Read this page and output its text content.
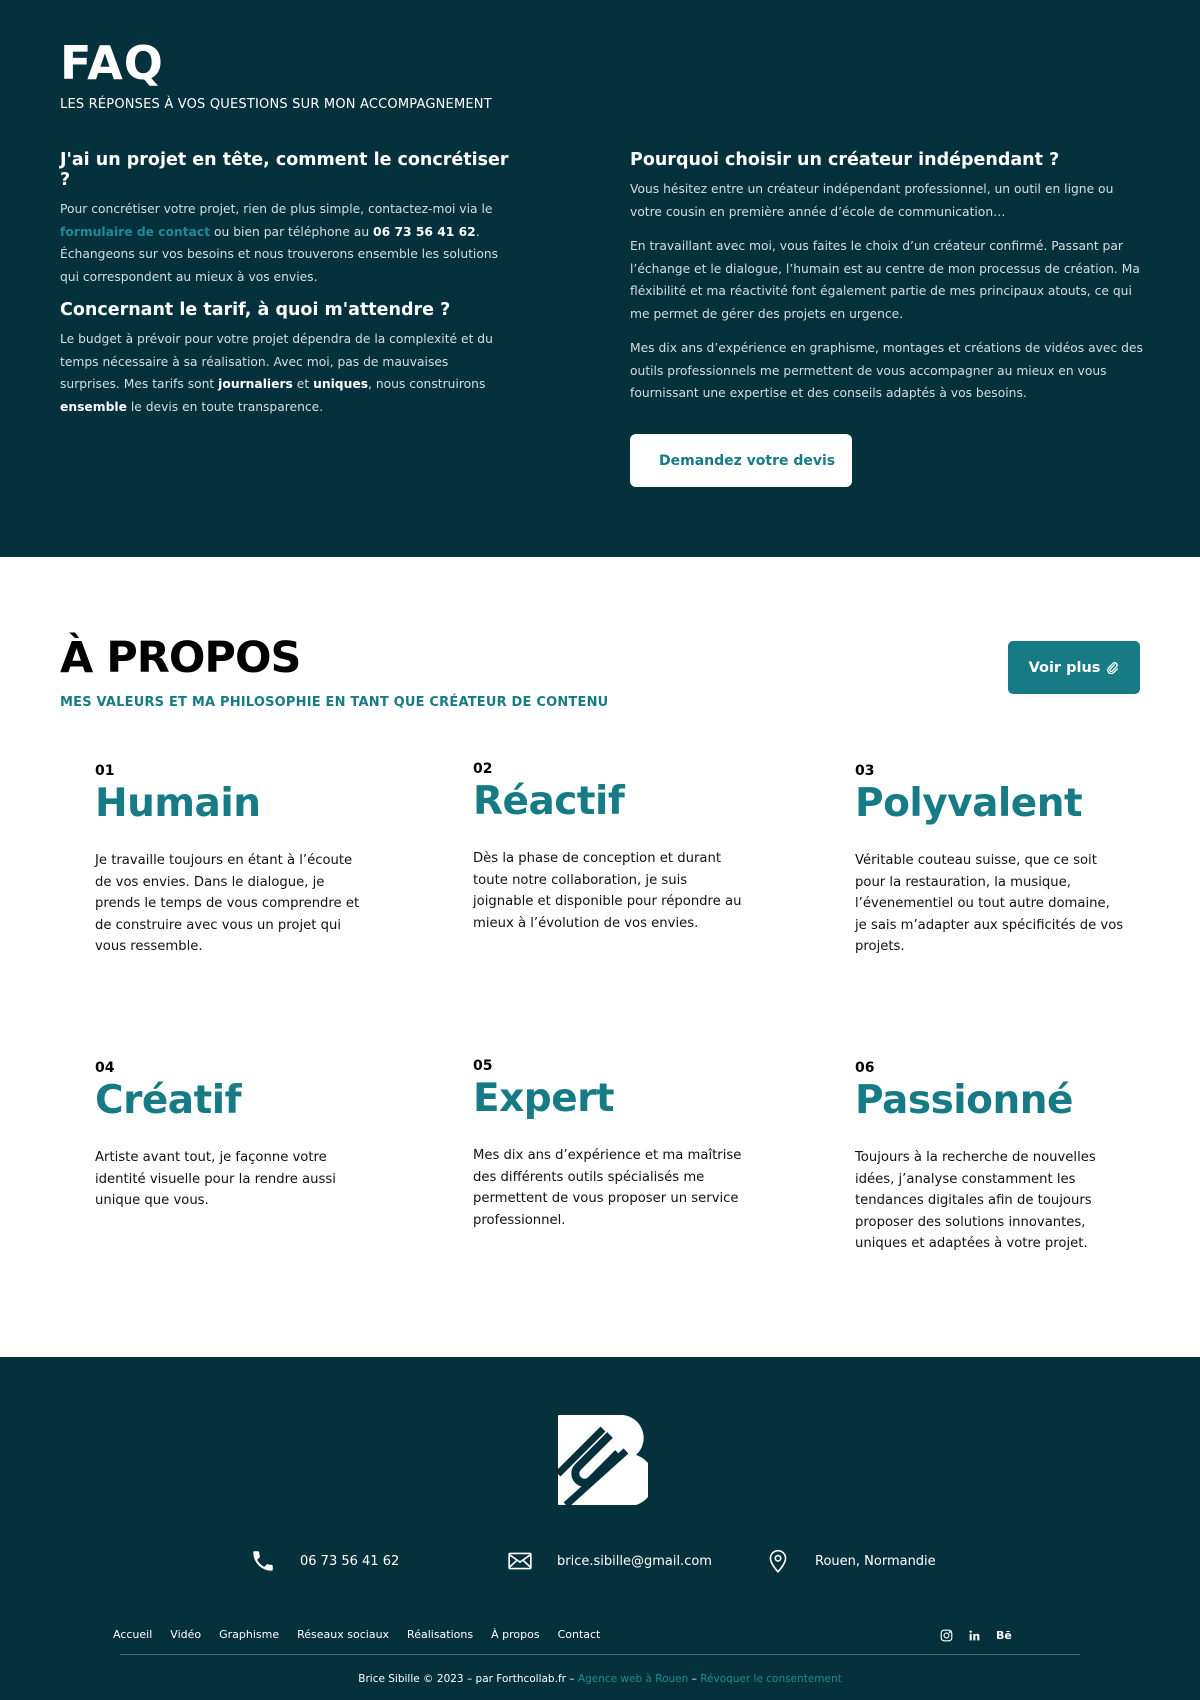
FAQ
LES RÉPONSES À VOS QUESTIONS SUR MON ACCOMPAGNEMENT
J'ai un projet en tête, comment le concrétiser ?

Pour concrétiser votre projet, rien de plus simple, contactez-moi via le formulaire de contact ou bien par téléphone au 06 73 56 41 62. Échangeons sur vos besoins et nous trouverons ensemble les solutions qui correspondent au mieux à vos envies.

Concernant le tarif, à quoi m'attendre ?

Le budget à prévoir pour votre projet dépendra de la complexité et du temps nécessaire à sa réalisation. Avec moi, pas de mauvaises surprises. Mes tarifs sont journaliers et uniques, nous construirons ensemble le devis en toute transparence.

Pourquoi choisir un créateur indépendant ?

Vous hésitez entre un créateur indépendant professionnel, un outil en ligne ou votre cousin en première année d’école de communication…

En travaillant avec moi, vous faites le choix d’un créateur confirmé. Passant par l’échange et le dialogue, l’humain est au centre de mon processus de création. Ma fléxibilité et ma réactivité font également partie de mes principaux atouts, ce qui me permet de gérer des projets en urgence.

Mes dix ans d’expérience en graphisme, montages et créations de vidéos avec des outils professionnels me permettent de vous accompagner au mieux en vous fournissant une expertise et des conseils adaptés à vos besoins.

Demandez votre devis
À PROPOS
MES VALEURS ET MA PHILOSOPHIE EN TANT QUE CRÉATEUR DE CONTENU
Voir plus
01
Humain

Je travaille toujours en étant à l’écoute de vos envies. Dans le dialogue, je prends le temps de vous comprendre et de construire avec vous un projet qui vous ressemble.

02
Réactif

Dès la phase de conception et durant toute notre collaboration, je suis joignable et disponible pour répondre au mieux à l’évolution de vos envies.

03
Polyvalent

Véritable couteau suisse, que ce soit pour la restauration, la musique, l’évenementiel ou tout autre domaine, je sais m’adapter aux spécificités de vos projets.

04
Créatif

Artiste avant tout, je façonne votre identité visuelle pour la rendre aussi unique que vous.

05
Expert

Mes dix ans d’expérience et ma maîtrise des différents outils spécialisés me permettent de vous proposer un service professionnel.

06
Passionné

Toujours à la recherche de nouvelles idées, j’analyse constamment les tendances digitales afin de toujours proposer des solutions innovantes, uniques et adaptées à votre projet.

06 73 56 41 62	brice.sibille@gmail.com	Rouen, Normandie
Accueil Vidéo Graphisme Réseaux sociaux Réalisations À propos Contact	Bē
Brice Sibille © 2023 – par Forthcollab.fr – Agence web à Rouen – Révoquer le consentement
